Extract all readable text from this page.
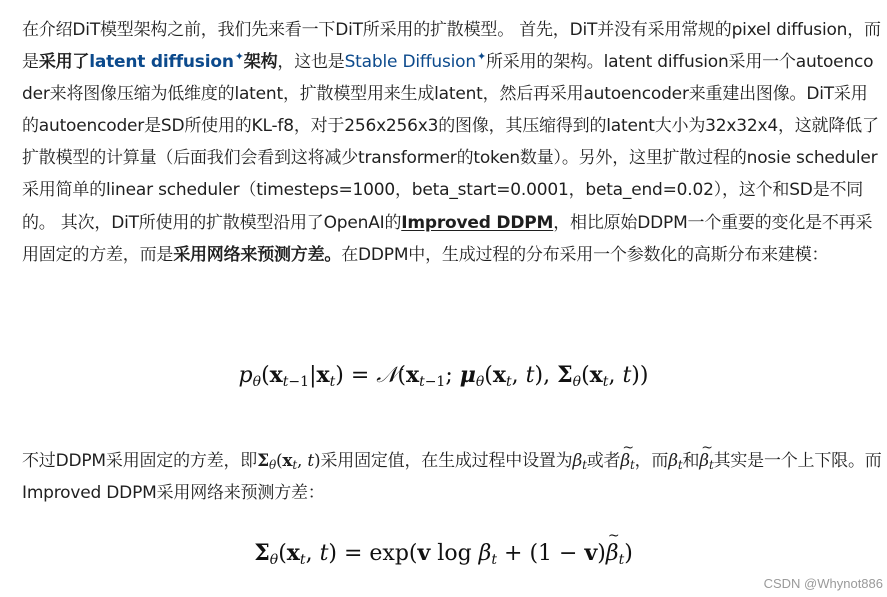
在介绍DiT模型架构之前，我们先来看一下DiT所采用的扩散模型。 首先，DiT并没有采用常规的pixel diffusion，而是采用了latent diffusion✦架构，这也是Stable Diffusion✦所采用的架构。latent diffusion采用一个autoencoder来将图像压缩为低维度的latent，扩散模型用来生成latent，然后再采用autoencoder来重建出图像。DiT采用的autoencoder是SD所使用的KL-f8，对于256x256x3的图像，其压缩得到的latent大小为32x32x4，这就降低了扩散模型的计算量（后面我们会看到这将减少transformer的token数量）。另外，这里扩散过程的nosie scheduler采用简单的linear scheduler（timesteps=1000，beta_start=0.0001，beta_end=0.02），这个和SD是不同的。 其次，DiT所使用的扩散模型沿用了OpenAI的Improved DDPM，相比原始DDPM一个重要的变化是不再采用固定的方差，而是采用网络来预测方差。在DDPM中，生成过程的分布采用一个参数化的高斯分布来建模：

$p_\theta(x_{t-1}|x_t)$ = $𝒩(x_{t-1}$; $\mu_\theta(x_t$, t), $\Sigma_\theta(x_t$, t))

不过DDPM采用固定的方差，即$\Sigma_\theta(x_t$, t)采用固定值，在生成过程中设置为$\beta_t$或者~ $\beta_t$，而$\beta_t$和~ $\beta_t$其实是一个上下限。而Improved DDPM采用网络来预测方差：

$\Sigma_\theta(x_t$, t) = exp(v $\log \beta_t + (1$ − v)~ $\beta_t$)
CSDN @Whynot886
